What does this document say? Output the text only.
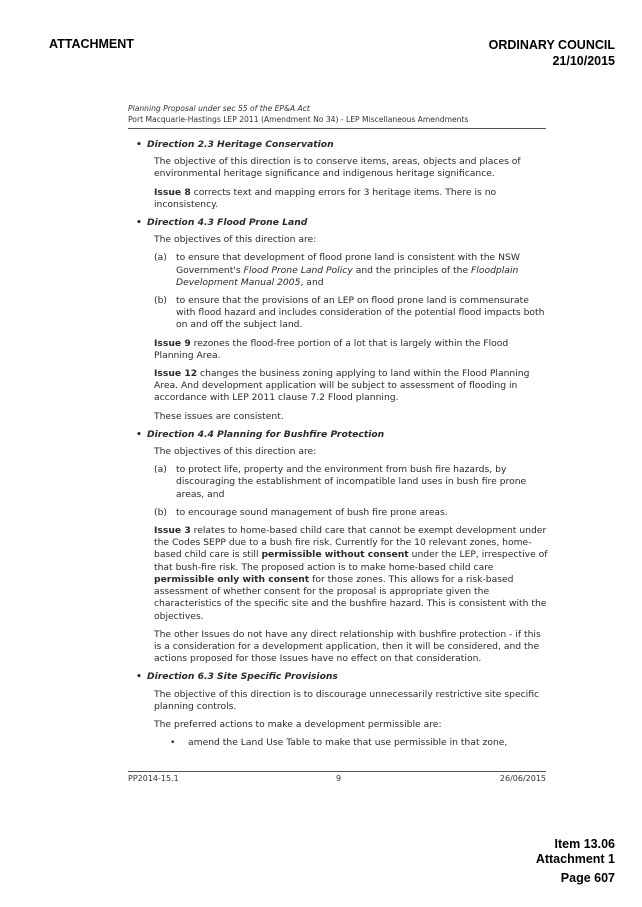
ATTACHMENT	ORDINARY COUNCIL
21/10/2015
Planning Proposal under sec 55 of the EP&A Act
Port Macquarie-Hastings LEP 2011 (Amendment No 34) - LEP Miscellaneous Amendments
• Direction 2.3 Heritage Conservation
The objective of this direction is to conserve items, areas, objects and places of environmental heritage significance and indigenous heritage significance.
Issue 8 corrects text and mapping errors for 3 heritage items. There is no inconsistency.
• Direction 4.3 Flood Prone Land
The objectives of this direction are:
(a) to ensure that development of flood prone land is consistent with the NSW Government's Flood Prone Land Policy and the principles of the Floodplain Development Manual 2005, and
(b) to ensure that the provisions of an LEP on flood prone land is commensurate with flood hazard and includes consideration of the potential flood impacts both on and off the subject land.
Issue 9 rezones the flood-free portion of a lot that is largely within the Flood Planning Area.
Issue 12 changes the business zoning applying to land within the Flood Planning Area. And development application will be subject to assessment of flooding in accordance with LEP 2011 clause 7.2 Flood planning.
These issues are consistent.
• Direction 4.4 Planning for Bushfire Protection
The objectives of this direction are:
(a) to protect life, property and the environment from bush fire hazards, by discouraging the establishment of incompatible land uses in bush fire prone areas, and
(b) to encourage sound management of bush fire prone areas.
Issue 3 relates to home-based child care that cannot be exempt development under the Codes SEPP due to a bush fire risk. Currently for the 10 relevant zones, home-based child care is still permissible without consent under the LEP, irrespective of that bush-fire risk. The proposed action is to make home-based child care permissible only with consent for those zones. This allows for a risk-based assessment of whether consent for the proposal is appropriate given the characteristics of the specific site and the bushfire hazard. This is consistent with the objectives.
The other Issues do not have any direct relationship with bushfire protection - if this is a consideration for a development application, then it will be considered, and the actions proposed for those Issues have no effect on that consideration.
• Direction 6.3 Site Specific Provisions
The objective of this direction is to discourage unnecessarily restrictive site specific planning controls.
The preferred actions to make a development permissible are:
• amend the Land Use Table to make that use permissible in that zone,
PP2014-15.1	9	26/06/2015
Item 13.06
Attachment 1
Page 607
